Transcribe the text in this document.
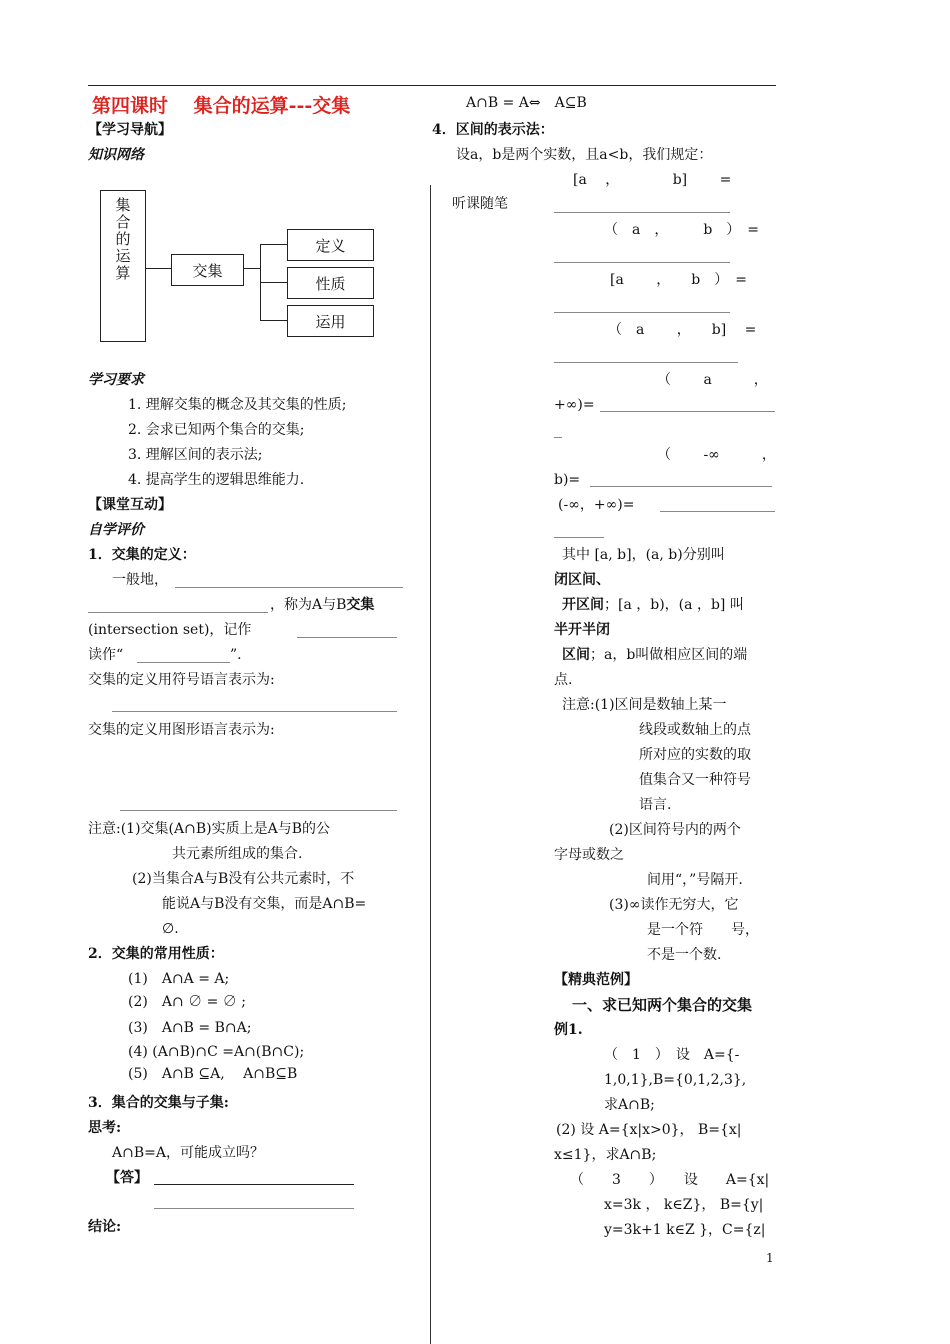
第四课时　 集合的运算---交集
【学习导航】
知识网络
集合的运算	交集
定义
性质
运用
学习要求
1. 理解交集的概念及其交集的性质;
2. 会求已知两个集合的交集;
3. 理解区间的表示法;
4. 提高学生的逻辑思维能力.
【课堂互动】
自学评价
1．交集的定义：
一般地，
，称为A与B交集
(intersection set)，记作
读作“	”.
交集的定义用符号语言表示为:
交集的定义用图形语言表示为:
注意:(1)交集(A∩B)实质上是A与B的公
共元素所组成的集合.
(2)当集合A与B没有公共元素时，不
能说A与B没有交集，而是A∩B=
∅.
2．交集的常用性质：
(1)　A∩A = A;
(2)　A∩ ∅ = ∅ ;
(3)　A∩B = B∩A;
(4) (A∩B)∩C =A∩(B∩C);
(5)　A∩B ⊆A,　 A∩B⊆B
3．集合的交集与子集:
思考:
A∩B=A，可能成立吗？
【答】
结论:
A∩B = A⇔　A⊆B
4．区间的表示法：
设a，b是两个实数，且a<b，我们规定：
听课随笔
[a　 ，　　　　 b]　　 =
（　a　，　　　b　）　=
[a　　 ，　　b　）　=
（　a　　 ，　　b]　 =
（　　 a　　　，
+∞)=
（　　 -∞　　　，
b)=
(-∞，+∞)=
其中 [a, b]，(a, b)分别叫
闭区间、
开区间；[a ，b)，(a ，b] 叫
半开半闭
区间；a，b叫做相应区间的端
点.
注意:(1)区间是数轴上某一
线段或数轴上的点
所对应的实数的取
值集合又一种符号
语言.
(2)区间符号内的两个
字母或数之
间用“，”号隔开.
(3)∞读作无穷大，它
是一个符　　号，
不是一个数.
【精典范例】
一、求已知两个集合的交集
例1.
（　1　）　设　A={-
1,0,1},B={0,1,2,3},
求A∩B;
(2) 设 A={x|x>0}， B={x|
x≤1}，求A∩B;
（　　3　　）　　设　　A={x|
x=3k ， k∈Z}， B={y|
y=3k+1 k∈Z }，C={z|
1
